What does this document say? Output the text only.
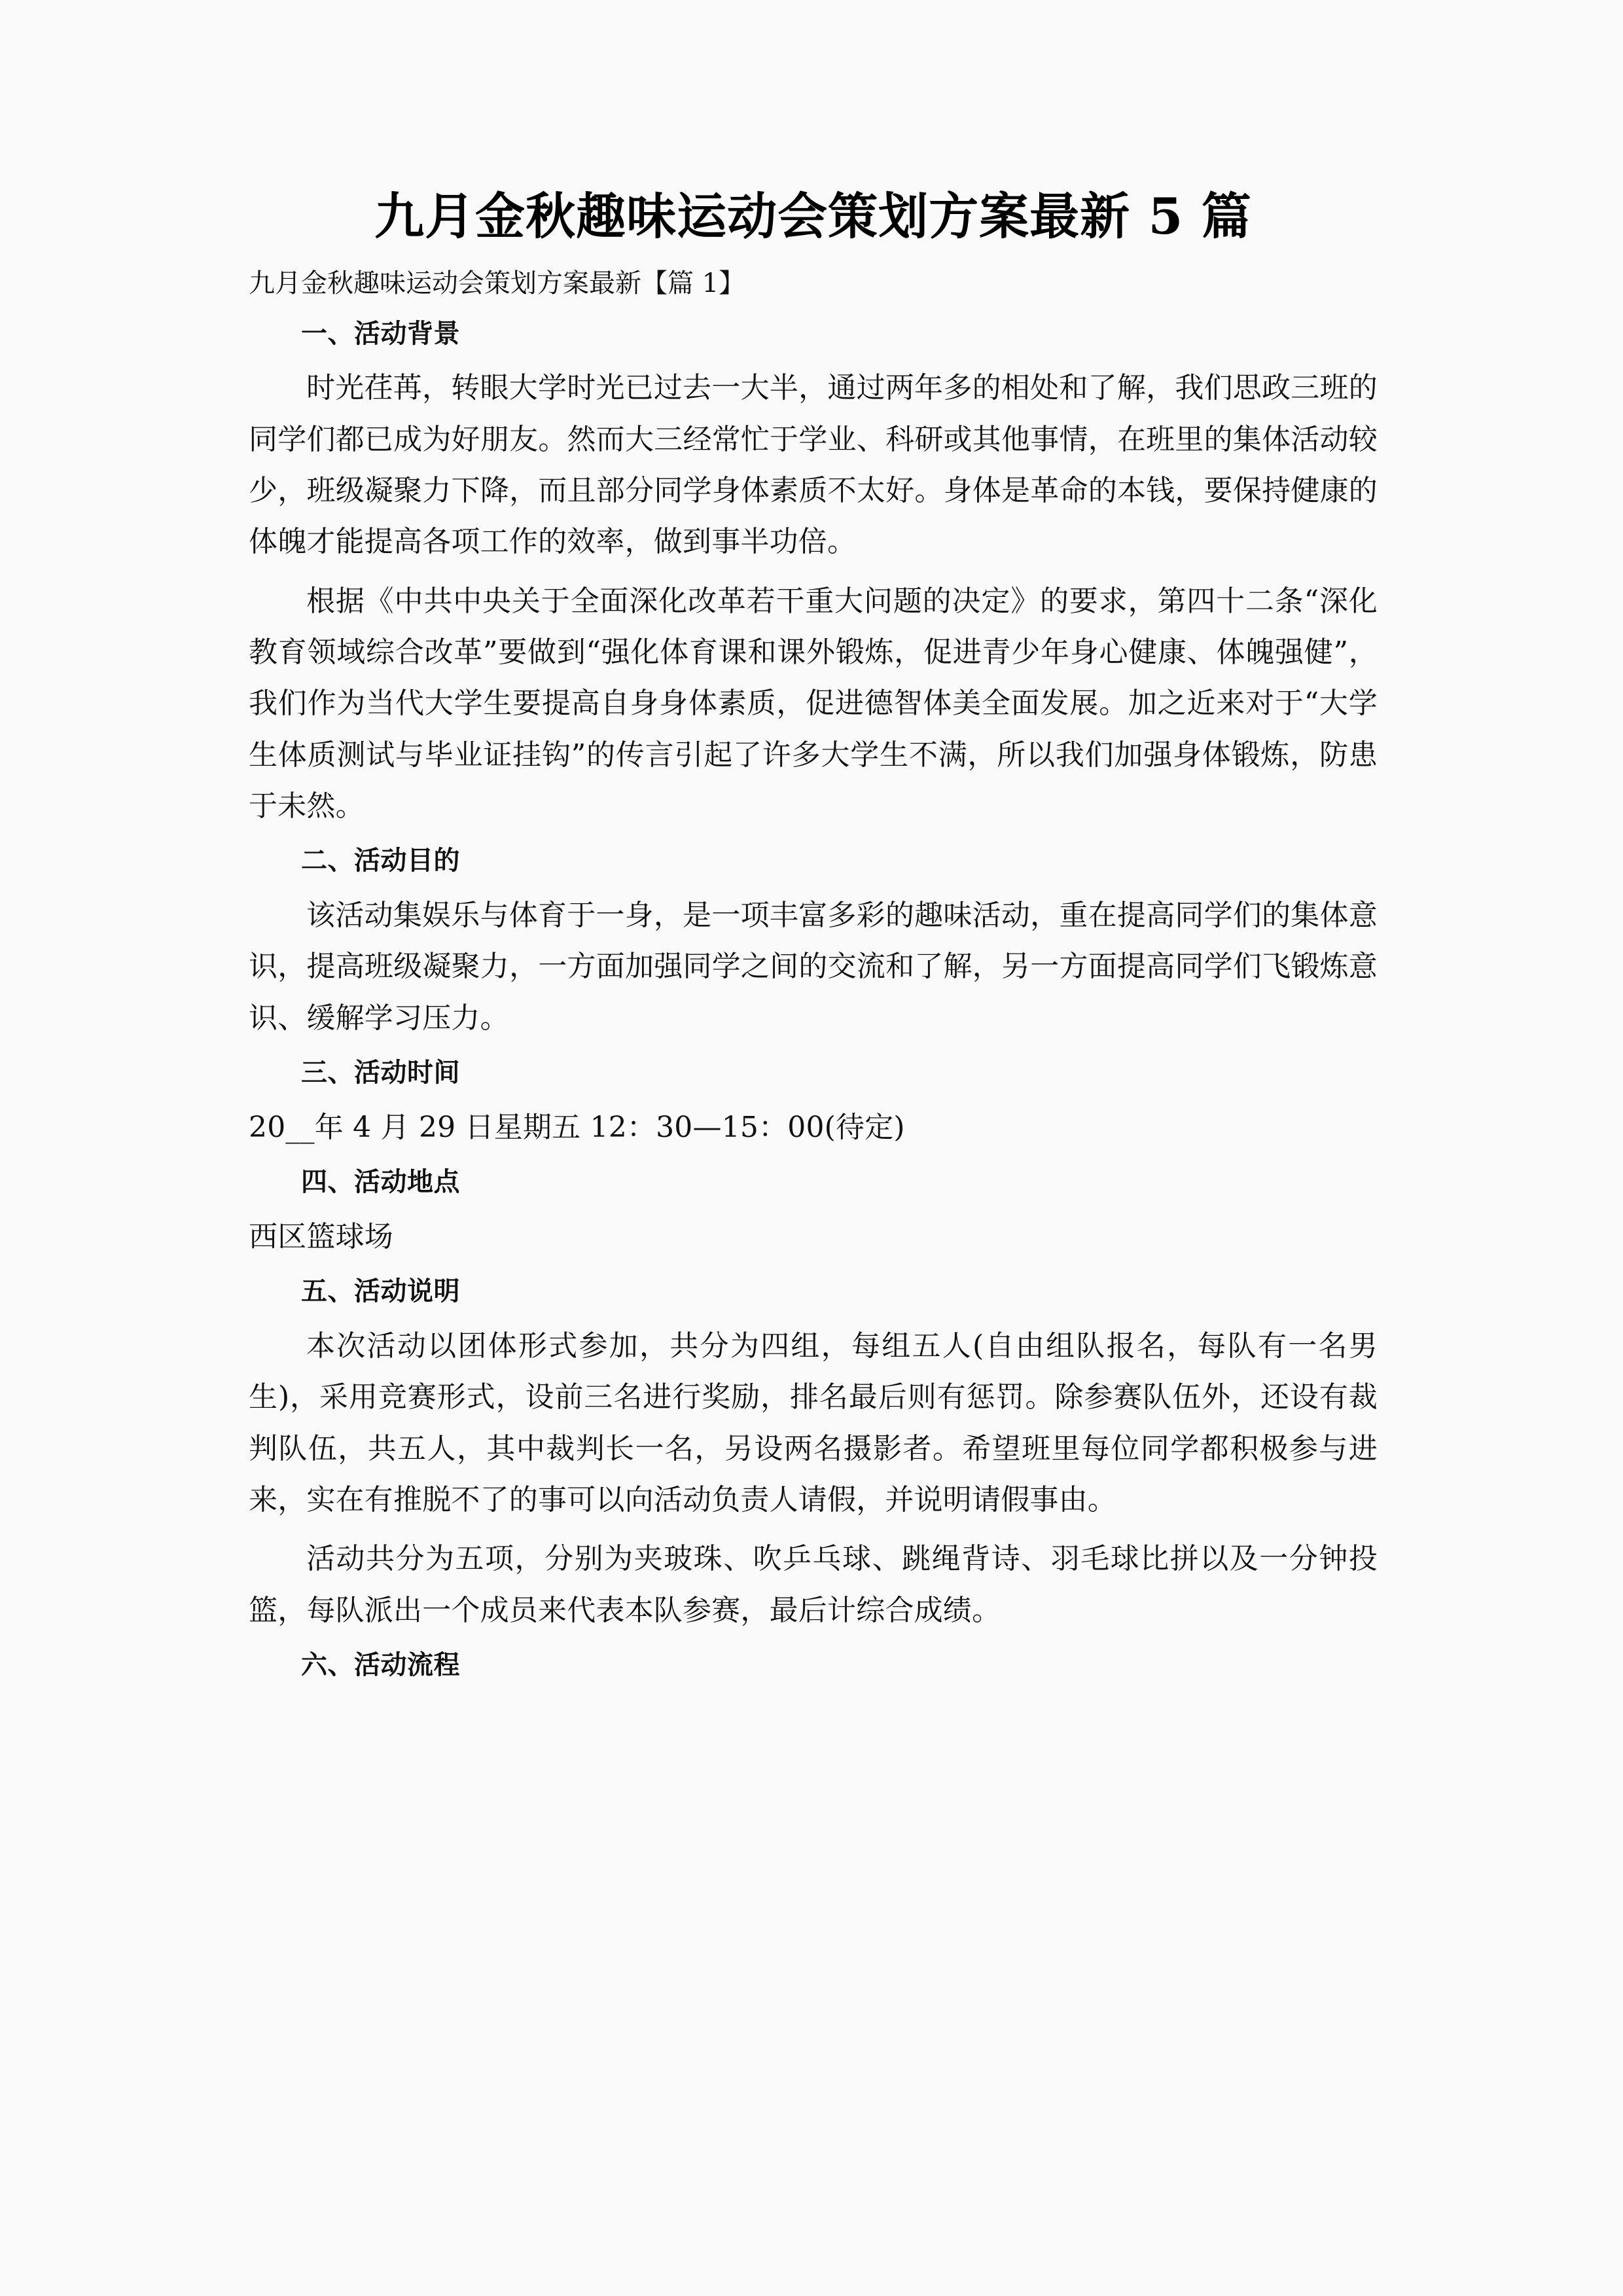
九月金秋趣味运动会策划方案最新 5 篇

九月金秋趣味运动会策划方案最新【篇 1】

一、活动背景

时光荏苒，转眼大学时光已过去一大半，通过两年多的相处和了解，我们思政三班的同学们都已成为好朋友。然而大三经常忙于学业、科研或其他事情，在班里的集体活动较少，班级凝聚力下降，而且部分同学身体素质不太好。身体是革命的本钱，要保持健康的体魄才能提高各项工作的效率，做到事半功倍。

根据《中共中央关于全面深化改革若干重大问题的决定》的要求，第四十二条“深化教育领域综合改革”要做到“强化体育课和课外锻炼，促进青少年身心健康、体魄强健”，我们作为当代大学生要提高自身身体素质，促进德智体美全面发展。加之近来对于“大学生体质测试与毕业证挂钩”的传言引起了许多大学生不满，所以我们加强身体锻炼，防患于未然。

二、活动目的

该活动集娱乐与体育于一身，是一项丰富多彩的趣味活动，重在提高同学们的集体意识，提高班级凝聚力，一方面加强同学之间的交流和了解，另一方面提高同学们飞锻炼意识、缓解学习压力。

三、活动时间

20__年 4 月 29 日星期五 12：30—15：00(待定)

四、活动地点

西区篮球场

五、活动说明

本次活动以团体形式参加，共分为四组，每组五人(自由组队报名，每队有一名男生)，采用竞赛形式，设前三名进行奖励，排名最后则有惩罚。除参赛队伍外，还设有裁判队伍，共五人，其中裁判长一名，另设两名摄影者。希望班里每位同学都积极参与进来，实在有推脱不了的事可以向活动负责人请假，并说明请假事由。

活动共分为五项，分别为夹玻珠、吹乒乓球、跳绳背诗、羽毛球比拼以及一分钟投篮，每队派出一个成员来代表本队参赛，最后计综合成绩。

六、活动流程
